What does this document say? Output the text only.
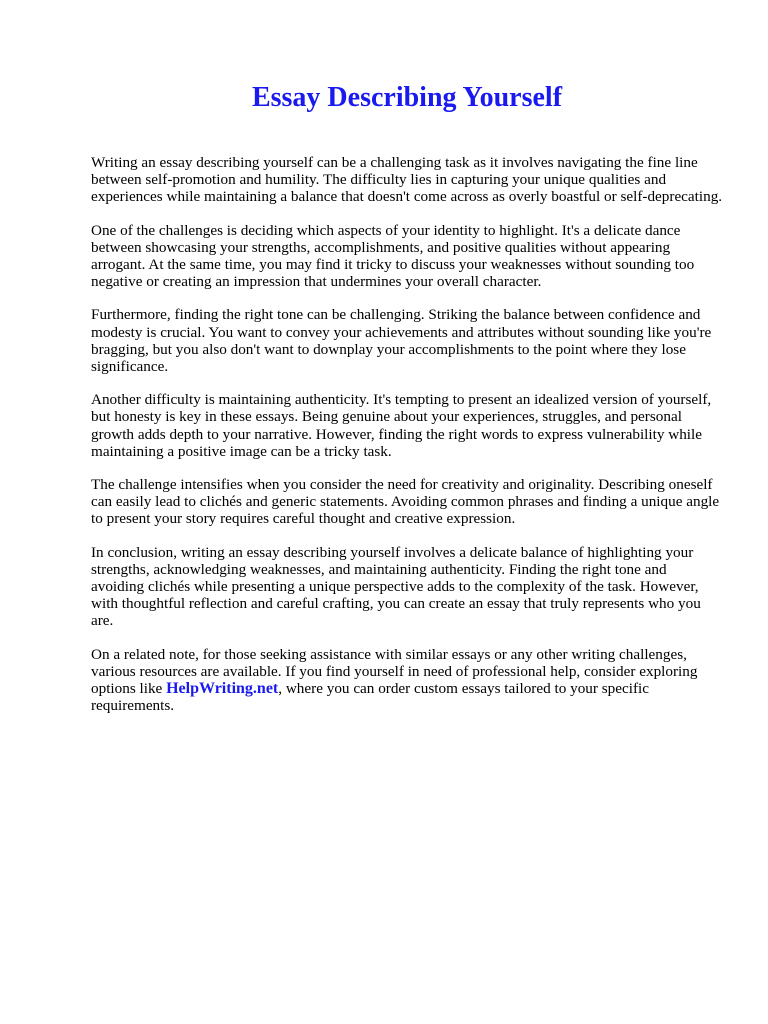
Essay Describing Yourself

Writing an essay describing yourself can be a challenging task as it involves navigating the fine line between self-promotion and humility. The difficulty lies in capturing your unique qualities and experiences while maintaining a balance that doesn't come across as overly boastful or self-deprecating.

One of the challenges is deciding which aspects of your identity to highlight. It's a delicate dance between showcasing your strengths, accomplishments, and positive qualities without appearing arrogant. At the same time, you may find it tricky to discuss your weaknesses without sounding too negative or creating an impression that undermines your overall character.

Furthermore, finding the right tone can be challenging. Striking the balance between confidence and modesty is crucial. You want to convey your achievements and attributes without sounding like you're bragging, but you also don't want to downplay your accomplishments to the point where they lose significance.

Another difficulty is maintaining authenticity. It's tempting to present an idealized version of yourself, but honesty is key in these essays. Being genuine about your experiences, struggles, and personal growth adds depth to your narrative. However, finding the right words to express vulnerability while maintaining a positive image can be a tricky task.

The challenge intensifies when you consider the need for creativity and originality. Describing oneself can easily lead to clichés and generic statements. Avoiding common phrases and finding a unique angle to present your story requires careful thought and creative expression.

In conclusion, writing an essay describing yourself involves a delicate balance of highlighting your strengths, acknowledging weaknesses, and maintaining authenticity. Finding the right tone and avoiding clichés while presenting a unique perspective adds to the complexity of the task. However, with thoughtful reflection and careful crafting, you can create an essay that truly represents who you are.

On a related note, for those seeking assistance with similar essays or any other writing challenges, various resources are available. If you find yourself in need of professional help, consider exploring options like HelpWriting.net, where you can order custom essays tailored to your specific requirements.
